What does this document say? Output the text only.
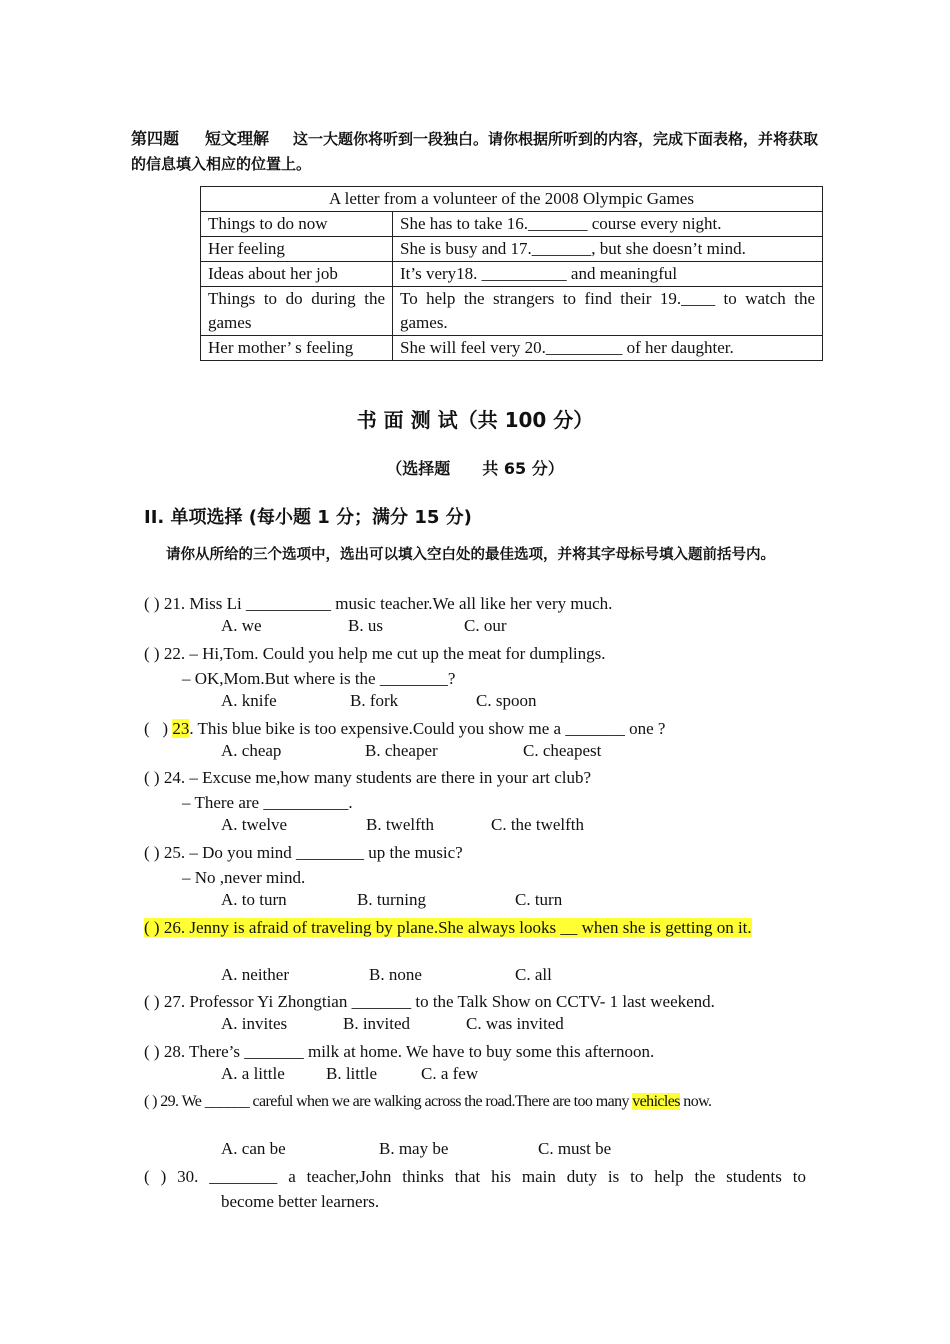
第四题 短文理解 这一大题你将听到一段独白。请你根据所听到的内容，完成下面表格，并将获取的信息填入相应的位置上。
A letter from a volunteer of the 2008 Olympic Games	
Things to do now	She has to take 16._______ course every night.
Her feeling	She is busy and 17._______, but she doesn’t mind.
Ideas about her job	It’s very18. __________ and meaningful
Things to do during the games	To help the strangers to find their 19.____ to watch the games.
Her mother’ s feeling	She will feel very 20._________ of her daughter.
书 面 测 试（共 100 分）
（选择题　　共 65 分）
II. 单项选择 (每小题 1 分；满分 15 分)
请你从所给的三个选项中，选出可以填入空白处的最佳选项，并将其字母标号填入题前括号内。
( ) 21. Miss Li __________ music teacher.We all like her very much.
A. we	B. us	C. our
( ) 22. – Hi,Tom. Could you help me cut up the meat for dumplings.
– OK,Mom.But where is the ________?
A. knife	B. fork	C. spoon
(   ) 23. This blue bike is too expensive.Could you show me a _______ one ?
A. cheap	B. cheaper	C. cheapest
( ) 24. – Excuse me,how many students are there in your art club?
– There are __________.
A. twelve	B. twelfth	C. the twelfth
( ) 25. – Do you mind ________ up the music?
– No ,never mind.
A. to turn	B. turning	C. turn
( ) 26. Jenny is afraid of traveling by plane.She always looks __ when she is getting on it.
A. neither	B. none	C. all
( ) 27. Professor Yi Zhongtian _______ to the Talk Show on CCTV- 1 last weekend.
A. invites	B. invited	C. was invited
( ) 28. There’s _______ milk at home. We have to buy some this afternoon.
A. a little B. little	C. a few
( ) 29. We ______ careful when we are walking across the road.There are too many vehicles now.
A. can be	B. may be	C. must be
( ) 30. ________ a teacher,John thinks that his main duty is to help the students to
become better learners.
